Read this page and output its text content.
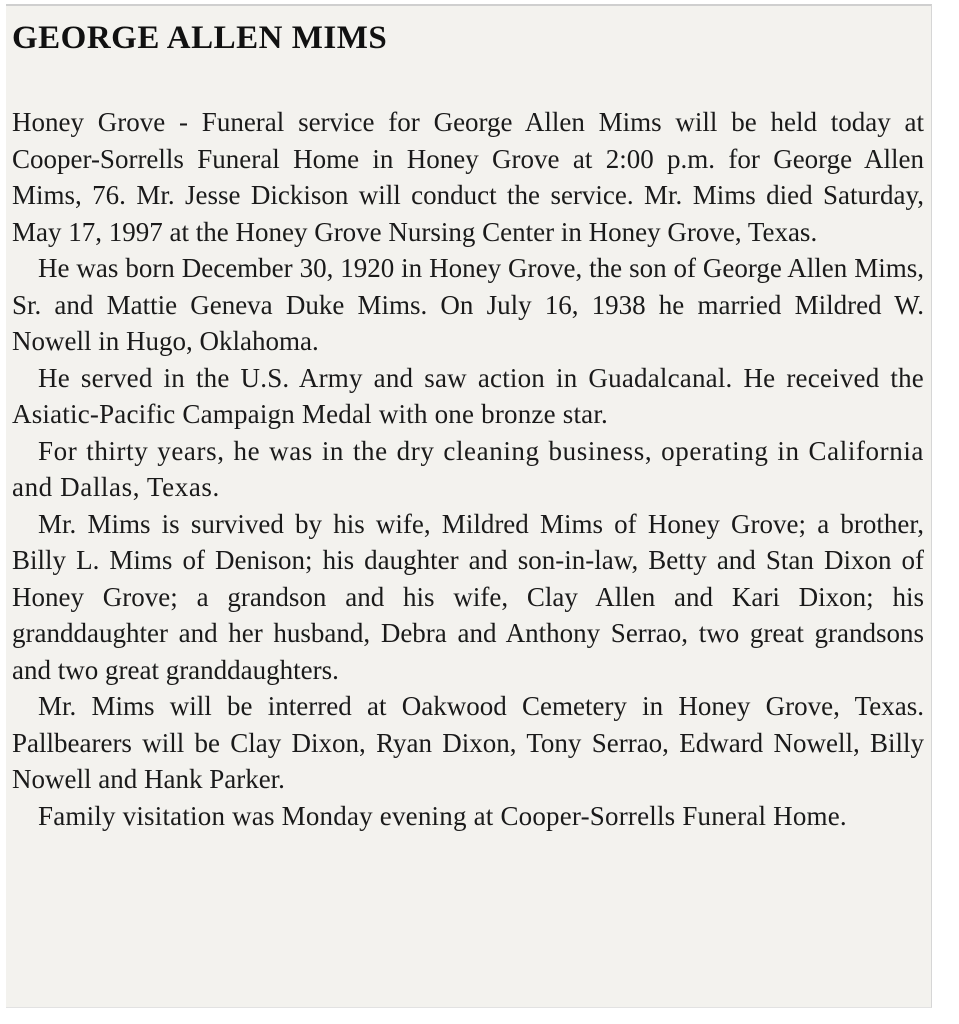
GEORGE ALLEN MIMS

Honey Grove - Funeral service for George Allen Mims will be held today at Cooper-Sorrells Funeral Home in Honey Grove at 2:00 p.m. for George Allen Mims, 76. Mr. Jesse Dickison will conduct the service. Mr. Mims died Saturday, May 17, 1997 at the Honey Grove Nursing Center in Honey Grove, Texas.

He was born December 30, 1920 in Honey Grove, the son of George Allen Mims, Sr. and Mattie Geneva Duke Mims. On July 16, 1938 he married Mildred W. Nowell in Hugo, Oklahoma.

He served in the U.S. Army and saw action in Guadalcanal. He received the Asiatic-Pacific Campaign Medal with one bronze star.

For thirty years, he was in the dry cleaning business, operating in California and Dallas, Texas.

Mr. Mims is survived by his wife, Mildred Mims of Honey Grove; a brother, Billy L. Mims of Denison; his daughter and son-in-law, Betty and Stan Dixon of Honey Grove; a grandson and his wife, Clay Allen and Kari Dixon; his granddaughter and her husband, Debra and Anthony Serrao, two great grandsons and two great granddaughters.

Mr. Mims will be interred at Oakwood Cemetery in Honey Grove, Texas. Pallbearers will be Clay Dixon, Ryan Dixon, Tony Serrao, Edward Nowell, Billy Nowell and Hank Parker.

Family visitation was Monday evening at Cooper-Sorrells Funeral Home.
